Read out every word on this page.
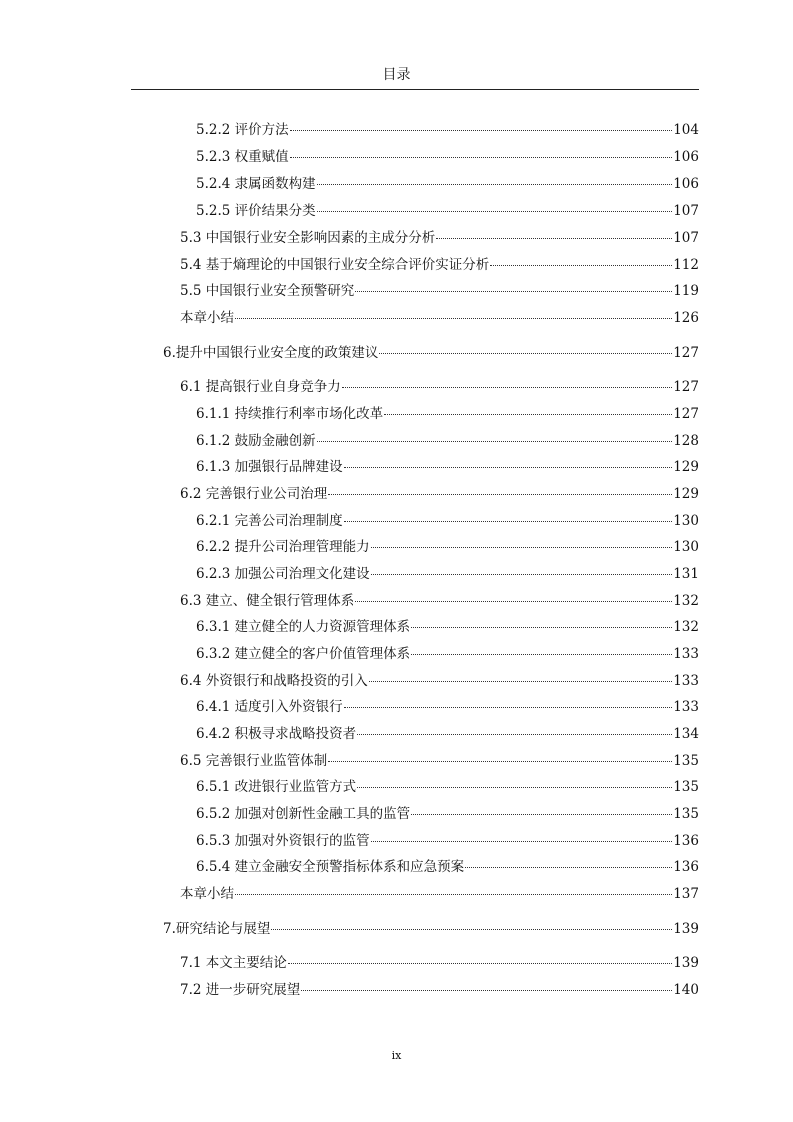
目录
5.2.2 评价方法	104
5.2.3 权重赋值	106
5.2.4 隶属函数构建	106
5.2.5 评价结果分类	107
5.3 中国银行业安全影响因素的主成分分析	107
5.4 基于熵理论的中国银行业安全综合评价实证分析	112
5.5 中国银行业安全预警研究	119
本章小结	126
6.提升中国银行业安全度的政策建议	127
6.1 提高银行业自身竞争力	127
6.1.1 持续推行利率市场化改革	127
6.1.2 鼓励金融创新	128
6.1.3 加强银行品牌建设	129
6.2 完善银行业公司治理	129
6.2.1 完善公司治理制度	130
6.2.2 提升公司治理管理能力	130
6.2.3 加强公司治理文化建设	131
6.3 建立、健全银行管理体系	132
6.3.1 建立健全的人力资源管理体系	132
6.3.2 建立健全的客户价值管理体系	133
6.4 外资银行和战略投资的引入	133
6.4.1 适度引入外资银行	133
6.4.2 积极寻求战略投资者	134
6.5 完善银行业监管体制	135
6.5.1 改进银行业监管方式	135
6.5.2 加强对创新性金融工具的监管	135
6.5.3 加强对外资银行的监管	136
6.5.4 建立金融安全预警指标体系和应急预案	136
本章小结	137
7.研究结论与展望	139
7.1 本文主要结论	139
7.2 进一步研究展望	140
ix
